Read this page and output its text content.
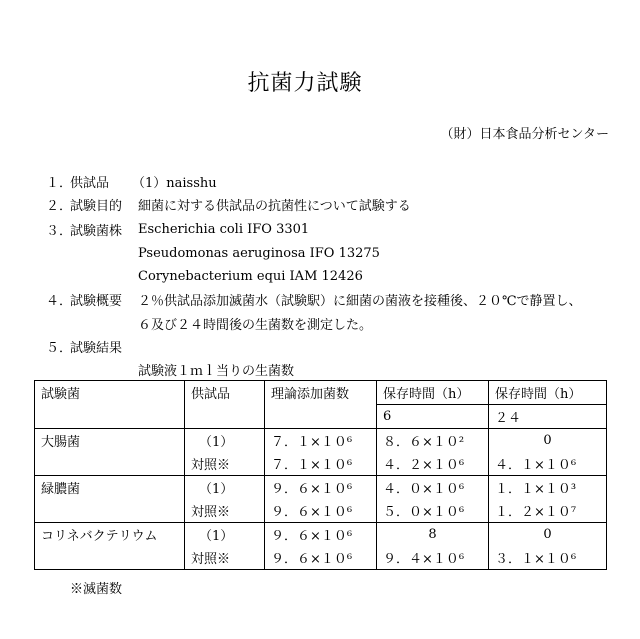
抗菌力試験
（財）日本食品分析センター
１．
供試品 （1）naisshu
２．
試験目的 細菌に対する供試品の抗菌性について試験する
３．
試験菌株 Escherichia coli IFO 3301
Pseudomonas aeruginosa IFO 13275
Corynebacterium equi IAM 12426
４．
試験概要 ２％供試品添加滅菌水（試験駅）に細菌の菌液を接種後、２０℃で静置し、
６及び２４時間後の生菌数を測定した。
５．
試験結果
試験液１ｍｌ当りの生菌数
試験菌	供試品	理論添加菌数	保存時間（h）	保存時間（h）
			6	２４
大腸菌	（1）	７．１×１０⁶	８．６×１０²	0
	対照※	７．１×１０⁶	４．２×１０⁶	４．１×１０⁶
緑膿菌	（1）	９．６×１０⁶	４．０×１０⁶	１．１×１０³
	対照※	９．６×１０⁶	５．０×１０⁶	１．２×１０⁷
コリネバクテリウム	（1）	９．６×１０⁶	8	0
	対照※	９．６×１０⁶	９．４×１０⁶	３．１×１０⁶
※滅菌数
